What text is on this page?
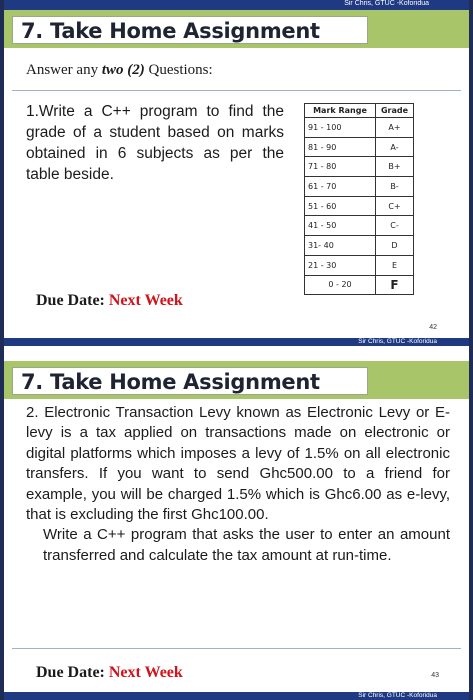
Sir Chris, GTUC -Koforidua
7. Take Home Assignment
Answer any two (2) Questions:
1.Write a C++ program to find the grade of a student based on marks obtained in 6 subjects as per the table beside.
Mark Range	Grade
91 - 100	A+
81 - 90	A-
71 - 80	B+
61 - 70	B-
51 - 60	C+
41 - 50	C-
31- 40	D
21 - 30	E
0 - 20	F
Due Date: Next Week
42
Sir Chris, GTUC -Koforidua
7. Take Home Assignment
2. Electronic Transaction Levy known as Electronic Levy or E-levy is a tax applied on transactions made on electronic or digital platforms which imposes a levy of 1.5% on all electronic transfers. If you want to send Ghc500.00 to a friend for example, you will be charged 1.5% which is Ghc6.00 as e-levy, that is excluding the first Ghc100.00.
Write a C++ program that asks the user to enter an amount transferred and calculate the tax amount at run-time.
Due Date: Next Week	43
Sir Chris, GTUC -Koforidua
